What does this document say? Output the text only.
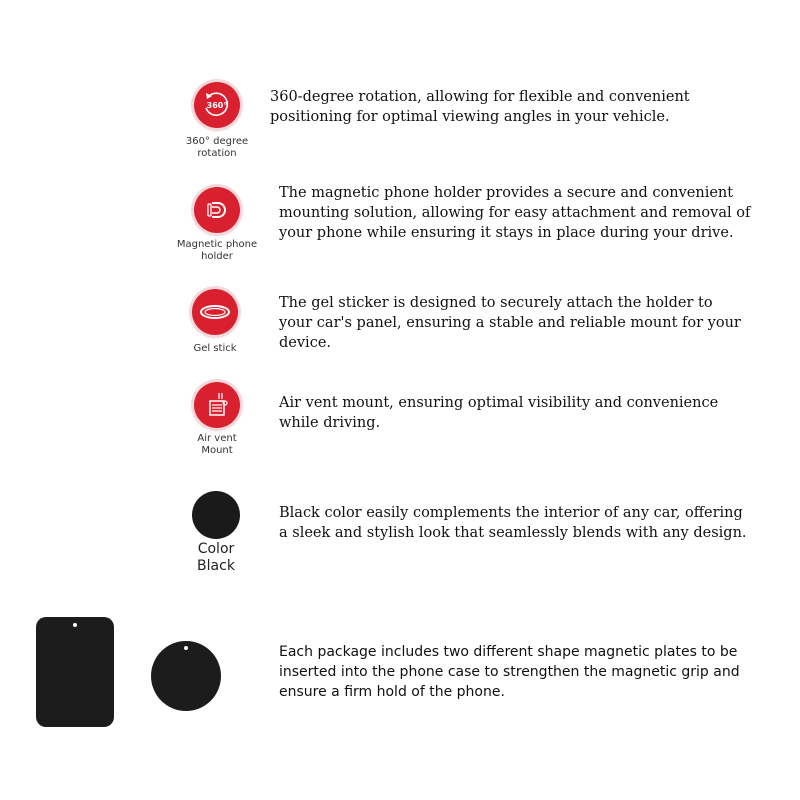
360°
360° degree
rotation
360-degree rotation, allowing for flexible and convenient
positioning for optimal viewing angles in your vehicle.
Magnetic phone
holder
The magnetic phone holder provides a secure and convenient
mounting solution, allowing for easy attachment and removal of
your phone while ensuring it stays in place during your drive.
Gel stick
The gel sticker is designed to securely attach the holder to
your car's panel, ensuring a stable and reliable mount for your
device.
Air vent
Mount
Air vent mount, ensuring optimal visibility and convenience
while driving.
Color
Black
Black color easily complements the interior of any car, offering
a sleek and stylish look that seamlessly blends with any design.
Each package includes two different shape magnetic plates to be
inserted into the phone case to strengthen the magnetic grip and
ensure a firm hold of the phone.
